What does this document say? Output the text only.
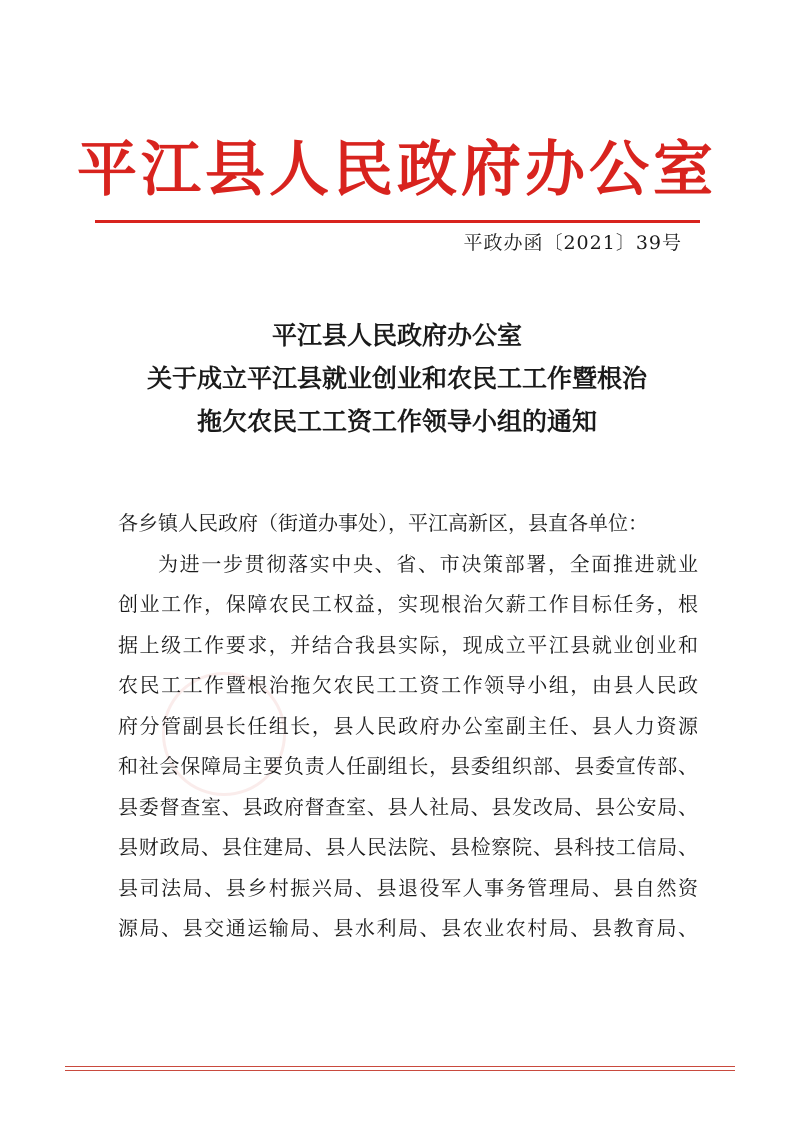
平江县人民政府办公室
平政办函〔2021〕39号
平江县人民政府办公室
关于成立平江县就业创业和农民工工作暨根治
拖欠农民工工资工作领导小组的通知
各乡镇人民政府（街道办事处），平江高新区，县直各单位：
为进一步贯彻落实中央、省、市决策部署，全面推进就业
创业工作，保障农民工权益，实现根治欠薪工作目标任务，根
据上级工作要求，并结合我县实际，现成立平江县就业创业和
农民工工作暨根治拖欠农民工工资工作领导小组，由县人民政
府分管副县长任组长，县人民政府办公室副主任、县人力资源
和社会保障局主要负责人任副组长，县委组织部、县委宣传部、
县委督查室、县政府督查室、县人社局、县发改局、县公安局、
县财政局、县住建局、县人民法院、县检察院、县科技工信局、
县司法局、县乡村振兴局、县退役军人事务管理局、县自然资
源局、县交通运输局、县水利局、县农业农村局、县教育局、
